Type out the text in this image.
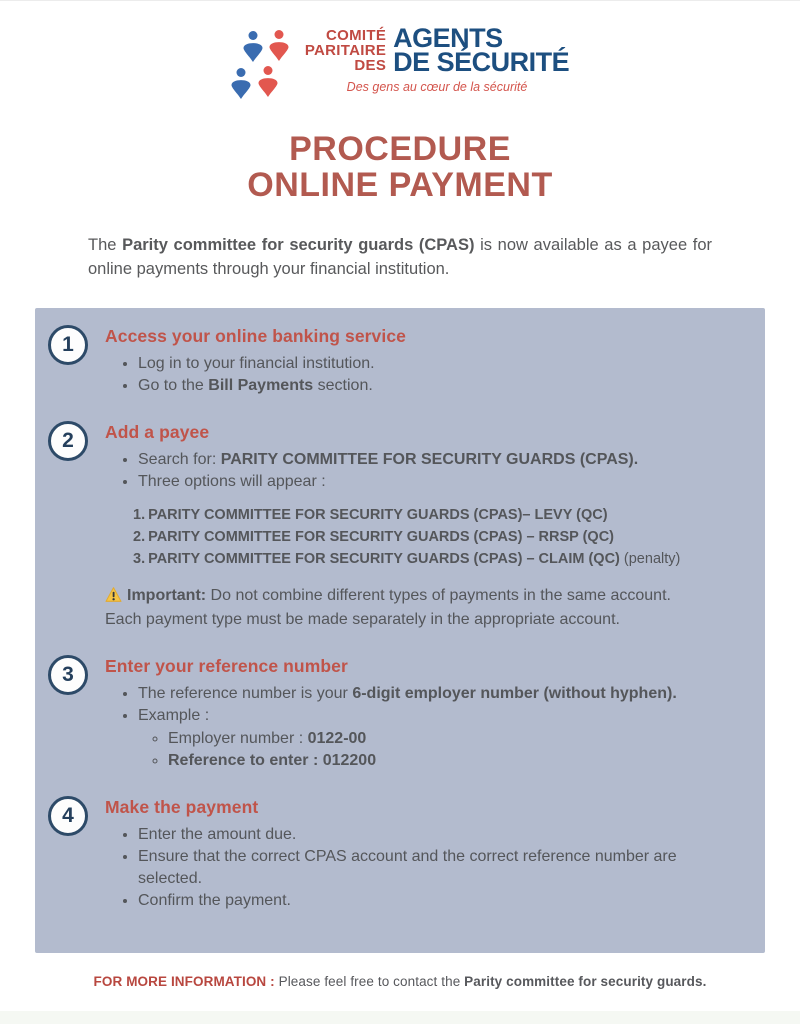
COMITÉ
PARITAIRE
DES
AGENTS
DE SÉCURITÉ
Des gens au cœur de la sécurité
PROCEDURE
ONLINE PAYMENT

The Parity committee for security guards (CPAS) is now available as a payee for online payments through your financial institution.

1	Access your online banking service
• Log in to your financial institution.
• Go to the Bill Payments section.
2	Add a payee
• Search for: PARITY COMMITTEE FOR SECURITY GUARDS (CPAS).
• Three options will appear :
1. PARITY COMMITTEE FOR SECURITY GUARDS (CPAS)– LEVY (QC)
2. PARITY COMMITTEE FOR SECURITY GUARDS (CPAS) – RRSP (QC)
3. PARITY COMMITTEE FOR SECURITY GUARDS (CPAS) – CLAIM (QC) (penalty)
Important: Do not combine different types of payments in the same account. Each payment type must be made separately in the appropriate account.
3	Enter your reference number
• The reference number is your 6-digit employer number (without hyphen).
• Example :
◦ Employer number : 0122-00
◦ Reference to enter : 012200
4	Make the payment
• Enter the amount due.
• Ensure that the correct CPAS account and the correct reference number are selected.
• Confirm the payment.
FOR MORE INFORMATION : Please feel free to contact the Parity committee for security guards.
